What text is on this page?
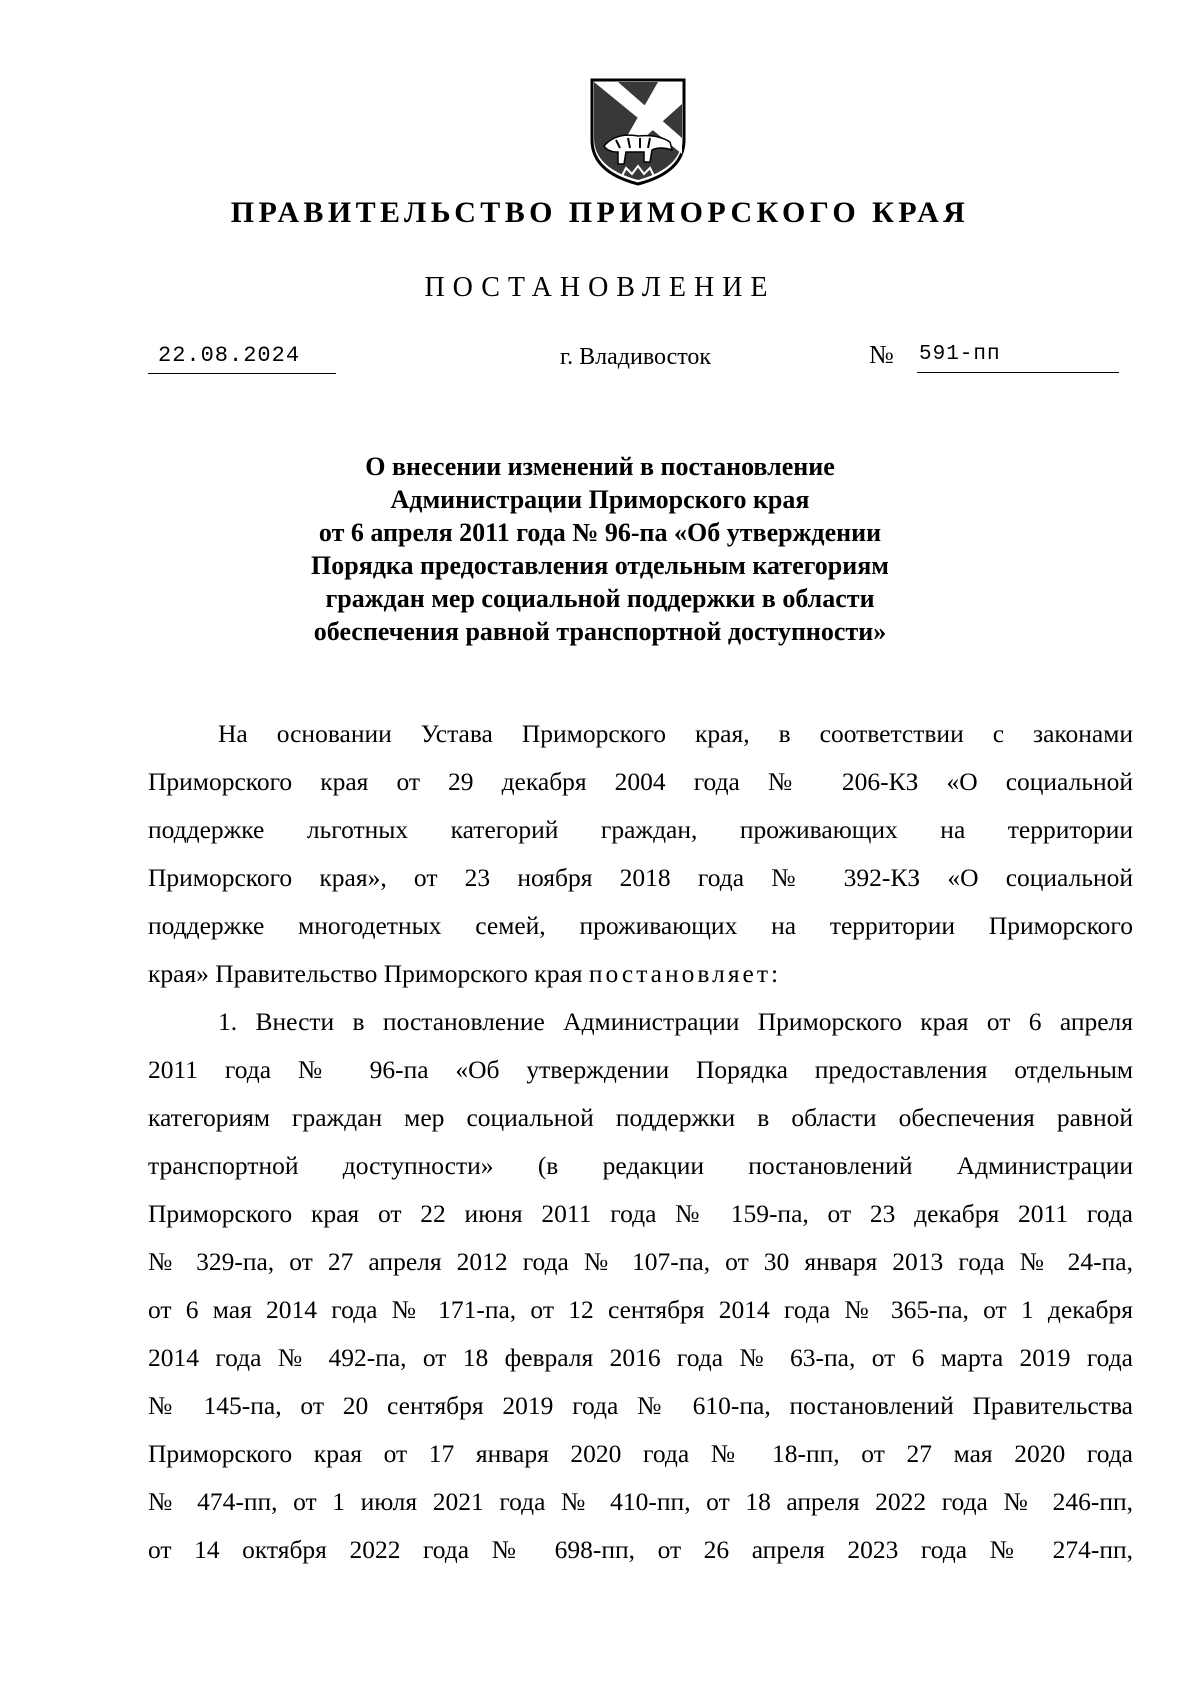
ПРАВИТЕЛЬСТВО ПРИМОРСКОГО КРАЯ
ПОСТАНОВЛЕНИЕ
22.08.2024	г. Владивосток	№ 591-пп
О внесении изменений в постановление
Администрации Приморского края
от 6 апреля 2011 года № 96-па «Об утверждении
Порядка предоставления отдельным категориям
граждан мер социальной поддержки в области
обеспечения равной транспортной доступности»
На основании Устава Приморского края, в соответствии с законами
Приморского края от 29 декабря 2004 года № 206-КЗ «О социальной
поддержке льготных категорий граждан, проживающих на территории
Приморского края», от 23 ноября 2018 года № 392-КЗ «О социальной
поддержке многодетных семей, проживающих на территории Приморского
края» Правительство Приморского края постановляет:
1. Внести в постановление Администрации Приморского края от 6 апреля
2011 года № 96-па «Об утверждении Порядка предоставления отдельным
категориям граждан мер социальной поддержки в области обеспечения равной
транспортной доступности» (в редакции постановлений Администрации
Приморского края от 22 июня 2011 года № 159-па, от 23 декабря 2011 года
№ 329-па, от 27 апреля 2012 года № 107-па, от 30 января 2013 года № 24-па,
от 6 мая 2014 года № 171-па, от 12 сентября 2014 года № 365-па, от 1 декабря
2014 года № 492-па, от 18 февраля 2016 года № 63-па, от 6 марта 2019 года
№ 145-па, от 20 сентября 2019 года № 610-па, постановлений Правительства
Приморского края от 17 января 2020 года № 18-пп, от 27 мая 2020 года
№ 474-пп, от 1 июля 2021 года № 410-пп, от 18 апреля 2022 года № 246-пп,
от 14 октября 2022 года № 698-пп, от 26 апреля 2023 года № 274-пп,
